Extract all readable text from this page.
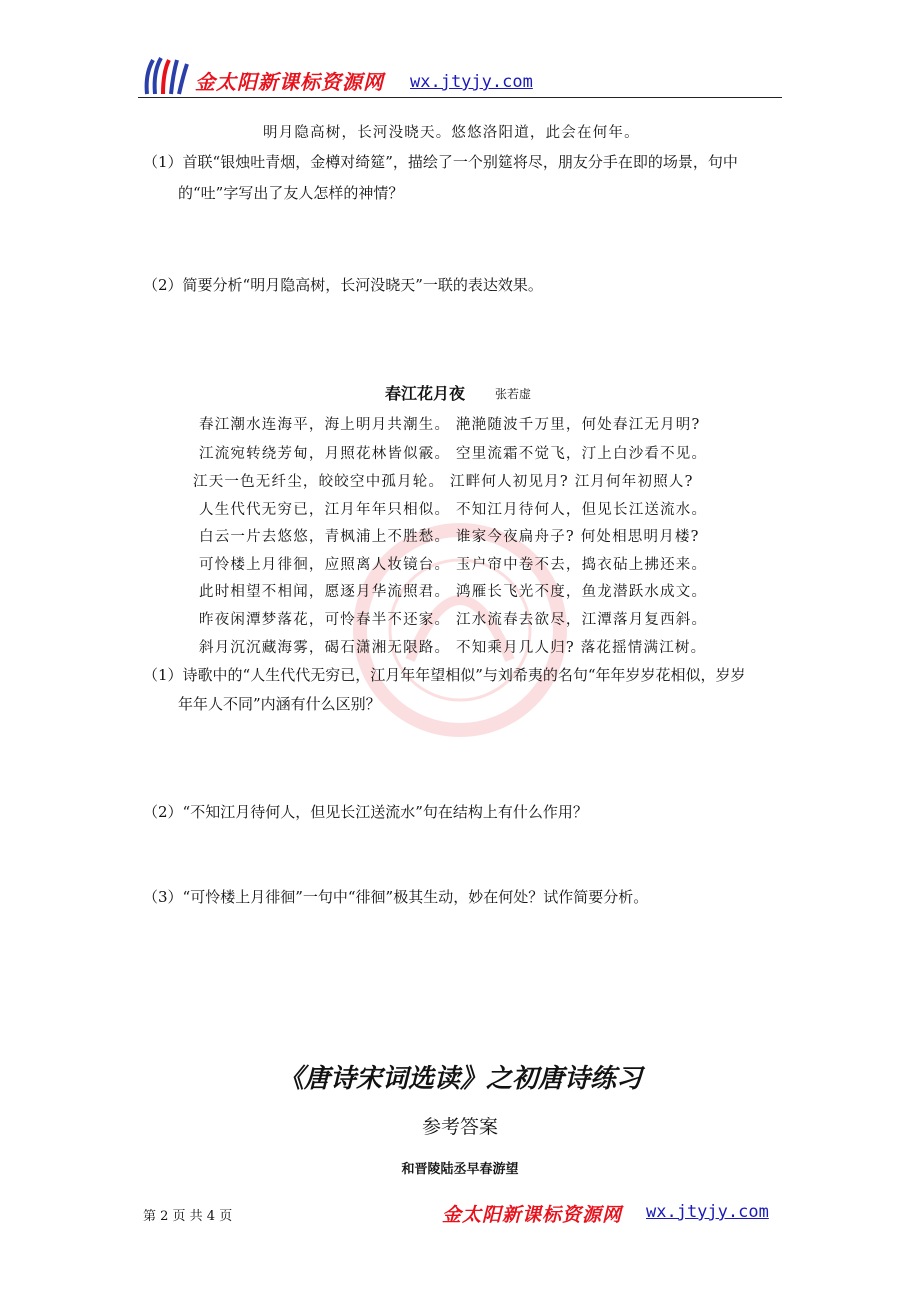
金太阳新课标资源网 wx.jtyjy.com
明月隐高树，长河没晓天。悠悠洛阳道，此会在何年。
（1）首联“银烛吐青烟，金樽对绮筵”，描绘了一个别筵将尽，朋友分手在即的场景，句中
的“吐”字写出了友人怎样的神情？
（2）简要分析“明月隐高树，长河没晓天”一联的表达效果。
春江花月夜 张若虚
春江潮水连海平，海上明月共潮生。 滟滟随波千万里，何处春江无月明?
江流宛转绕芳甸，月照花林皆似霰。 空里流霜不觉飞，汀上白沙看不见。
江天一色无纤尘，皎皎空中孤月轮。 江畔何人初见月? 江月何年初照人?
人生代代无穷已，江月年年只相似。 不知江月待何人，但见长江送流水。
白云一片去悠悠，青枫浦上不胜愁。 谁家今夜扁舟子? 何处相思明月楼?
可怜楼上月徘徊，应照离人妆镜台。 玉户帘中卷不去，捣衣砧上拂还来。
此时相望不相闻，愿逐月华流照君。 鸿雁长飞光不度，鱼龙潜跃水成文。
昨夜闲潭梦落花，可怜春半不还家。 江水流春去欲尽，江潭落月复西斜。
斜月沉沉藏海雾，碣石潇湘无限路。 不知乘月几人归? 落花摇情满江树。
（1）诗歌中的“人生代代无穷已，江月年年望相似”与刘希夷的名句“年年岁岁花相似，岁岁
年年人不同”内涵有什么区别？
（2）“不知江月待何人，但见长江送流水”句在结构上有什么作用？
（3）“可怜楼上月徘徊”一句中“徘徊”极其生动，妙在何处？试作简要分析。
《唐诗宋词选读》之初唐诗练习
参考答案
和晋陵陆丞早春游望
第 2 页 共 4 页	金太阳新课标资源网 wx.jtyjy.com
